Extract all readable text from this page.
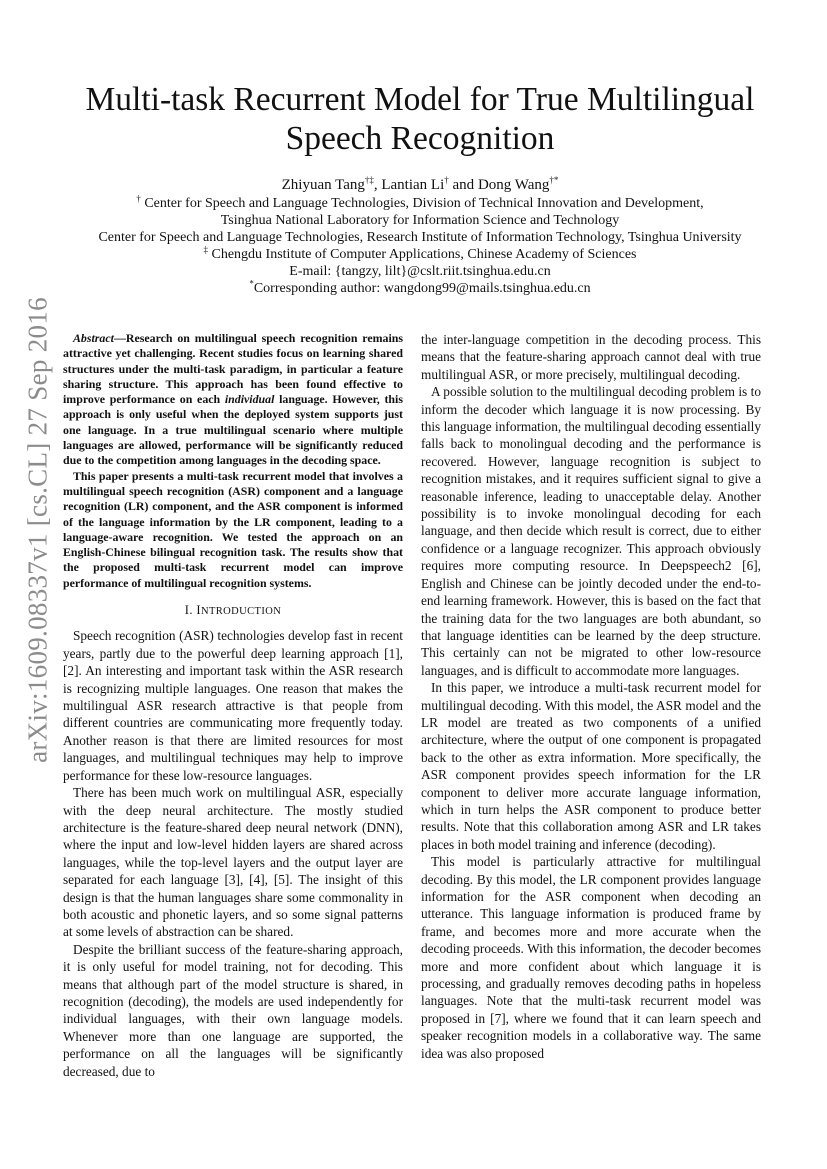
arXiv:1609.08337v1 [cs.CL] 27 Sep 2016
Multi-task Recurrent Model for True Multilingual
Speech Recognition
Zhiyuan Tang†‡, Lantian Li† and Dong Wang†*
† Center for Speech and Language Technologies, Division of Technical Innovation and Development,
Tsinghua National Laboratory for Information Science and Technology
Center for Speech and Language Technologies, Research Institute of Information Technology, Tsinghua University
‡ Chengdu Institute of Computer Applications, Chinese Academy of Sciences
E-mail: {tangzy, lilt}@cslt.riit.tsinghua.edu.cn
*Corresponding author: wangdong99@mails.tsinghua.edu.cn

Abstract—Research on multilingual speech recognition remains attractive yet challenging. Recent studies focus on learning shared structures under the multi-task paradigm, in particular a feature sharing structure. This approach has been found effective to improve performance on each individual language. However, this approach is only useful when the deployed system supports just one language. In a true multilingual scenario where multiple languages are allowed, performance will be significantly reduced due to the competition among languages in the decoding space.

This paper presents a multi-task recurrent model that involves a multilingual speech recognition (ASR) component and a language recognition (LR) component, and the ASR component is informed of the language information by the LR component, leading to a language-aware recognition. We tested the approach on an English-Chinese bilingual recognition task. The results show that the proposed multi-task recurrent model can improve performance of multilingual recognition systems.

I. INTRODUCTION

Speech recognition (ASR) technologies develop fast in recent years, partly due to the powerful deep learning approach [1], [2]. An interesting and important task within the ASR research is recognizing multiple languages. One reason that makes the multilingual ASR research attractive is that people from different countries are communicating more frequently today. Another reason is that there are limited resources for most languages, and multilingual techniques may help to improve performance for these low-resource languages.

There has been much work on multilingual ASR, especially with the deep neural architecture. The mostly studied architecture is the feature-shared deep neural network (DNN), where the input and low-level hidden layers are shared across languages, while the top-level layers and the output layer are separated for each language [3], [4], [5]. The insight of this design is that the human languages share some commonality in both acoustic and phonetic layers, and so some signal patterns at some levels of abstraction can be shared.

Despite the brilliant success of the feature-sharing approach, it is only useful for model training, not for decoding. This means that although part of the model structure is shared, in recognition (decoding), the models are used independently for individual languages, with their own language models. Whenever more than one language are supported, the performance on all the languages will be significantly decreased, due to

the inter-language competition in the decoding process. This means that the feature-sharing approach cannot deal with true multilingual ASR, or more precisely, multilingual decoding.

A possible solution to the multilingual decoding problem is to inform the decoder which language it is now processing. By this language information, the multilingual decoding essentially falls back to monolingual decoding and the performance is recovered. However, language recognition is subject to recognition mistakes, and it requires sufficient signal to give a reasonable inference, leading to unacceptable delay. Another possibility is to invoke monolingual decoding for each language, and then decide which result is correct, due to either confidence or a language recognizer. This approach obviously requires more computing resource. In Deepspeech2 [6], English and Chinese can be jointly decoded under the end-to-end learning framework. However, this is based on the fact that the training data for the two languages are both abundant, so that language identities can be learned by the deep structure. This certainly can not be migrated to other low-resource languages, and is difficult to accommodate more languages.

In this paper, we introduce a multi-task recurrent model for multilingual decoding. With this model, the ASR model and the LR model are treated as two components of a unified architecture, where the output of one component is propagated back to the other as extra information. More specifically, the ASR component provides speech information for the LR component to deliver more accurate language information, which in turn helps the ASR component to produce better results. Note that this collaboration among ASR and LR takes places in both model training and inference (decoding).

This model is particularly attractive for multilingual decoding. By this model, the LR component provides language information for the ASR component when decoding an utterance. This language information is produced frame by frame, and becomes more and more accurate when the decoding proceeds. With this information, the decoder becomes more and more confident about which language it is processing, and gradually removes decoding paths in hopeless languages. Note that the multi-task recurrent model was proposed in [7], where we found that it can learn speech and speaker recognition models in a collaborative way. The same idea was also proposed
